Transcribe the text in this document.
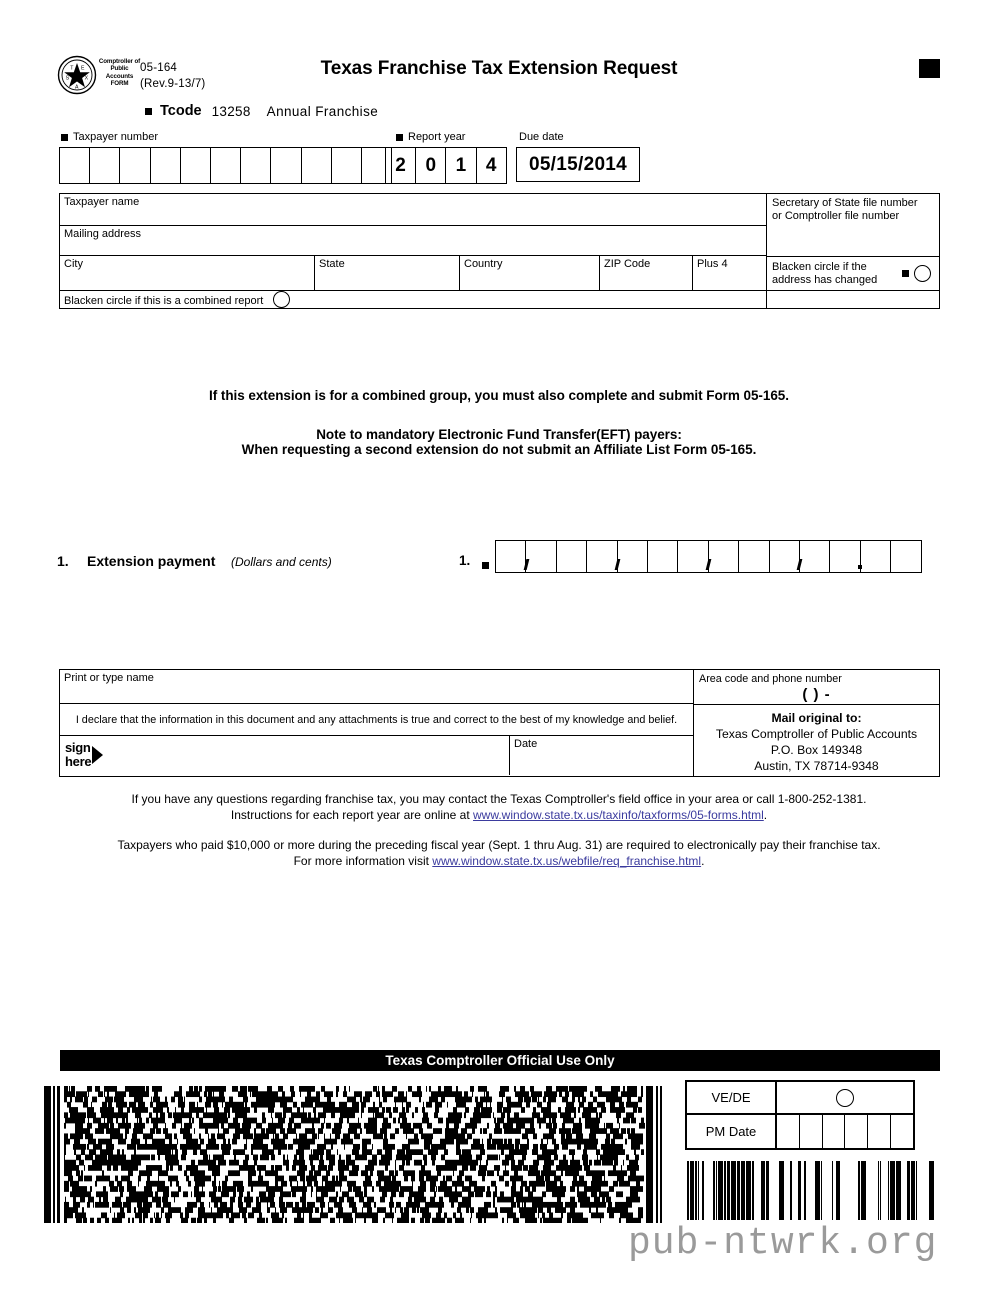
T E
S	X
A
Comptroller of Public Accounts FORM
05-164
(Rev.9-13/7)
Texas Franchise Tax Extension Request
Tcode 13258 Annual Franchise
Taxpayer number	Report year
2	0	1	4
Due date
05/15/2014
Taxpayer name
Mailing address
City	State	Country	ZIP Code	Plus 4
Blacken circle if this is a combined report
Secretary of State file number
or Comptroller file number
Blacken circle if the
address has changed
If this extension is for a combined group, you must also complete and submit Form 05-165.
Note to mandatory Electronic Fund Transfer(EFT) payers:
When requesting a second extension do not submit an Affiliate List Form 05-165.
1. Extension payment (Dollars and cents)	1.
Print or type name
I declare that the information in this document and any attachments is true and correct to the best of my knowledge and belief.
sign
here
Date
Area code and phone number
( ) -
Mail original to:
Texas Comptroller of Public Accounts
P.O. Box 149348
Austin, TX 78714-9348
If you have any questions regarding franchise tax, you may contact the Texas Comptroller's field office in your area or call 1-800-252-1381.
Instructions for each report year are online at www.window.state.tx.us/taxinfo/taxforms/05-forms.html.
Taxpayers who paid $10,000 or more during the preceding fiscal year (Sept. 1 thru Aug. 31) are required to electronically pay their franchise tax.
For more information visit www.window.state.tx.us/webfile/req_franchise.html.
Texas Comptroller Official Use Only
VE/DE
PM Date
pub-ntwrk.org
